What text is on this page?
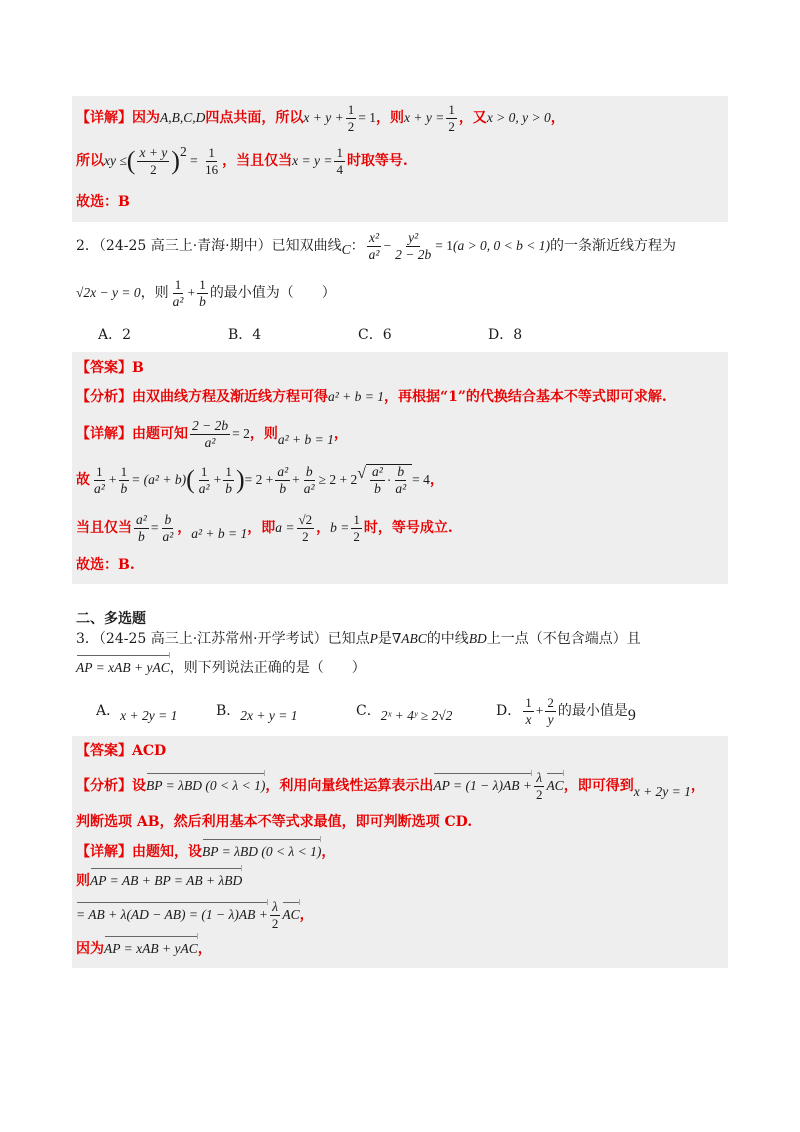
【详解】 因为 A,B,C,D 四点共面，所以 $x + y + \frac{1}{2} = 1$ ，则 $x + y = \frac{1}{2}$ ，又 x > 0, y > 0 ，
所以 xy ≤ ( $\frac{x + y}{2}$ ) 2
= $\frac{1}{16}$ ，当且仅当 $x = y = \frac{1}{4}$ 时取等号.
故选：B
2．（24-25 高三上·青海·期中）已知双曲线 C ： $\frac{\text{x²}}{\text{a²}} - \frac{\text{y²}}{2 - 2b} = 1$ (a > 0, 0 < b < 1) 的一条渐近线方程为
√2x − y = 0 ，则 $\frac{1}{\text{a²}} + \frac{1}{b}$ 的最小值为（　　）
A．2	B．4	C．6	D．8
【答案】B
【分析】 由双曲线方程及渐近线方程可得 a² + b = 1 ，再根据“1”的代换结合基本不等式即可求解.
【详解】 由题可知 $\frac{2 - 2b}{\text{a²}} = 2$ ，则 a² + b = 1 ，
故 $\frac{1}{\text{a²}} + \frac{1}{b} = (a^2 + b)$ ( $\frac{1}{\text{a²}} + \frac{1}{b}$ ) = $2 + \frac{\text{a²}}{b} + \frac{b}{\text{a²}} \ge 2 + 2$ √ $\frac{\text{a²}}{b} \cdot \frac{b}{\text{a²}} = 4$ ，
当且仅当 $\frac{\text{a²}}{b} = \frac{b}{\text{a²}}$ ， a² + b = 1 ，即 $a = \frac{√2}{2}$ ， $b = \frac{1}{2}$ 时，等号成立.
故选：B.
二、多选题
3．（24-25 高三上·江苏常州·开学考试）已知点 P 是 ∇ABC 的中线 BD 上一点（不包含端点）且
AP = xAB + yAC ，则下列说法正确的是（　　）
A． x + 2y = 1	B． 2x + y = 1	C． 2ˣ + 4ʸ ≥ 2√2	D． $\frac{1}{x} + \frac{2}{y}$ 的最小值是 9
【答案】ACD
【分析】 设 BP = λBD (0 < λ < 1) ，利用向量线性运算表示出 AP = $(1 - \lambda)AB + \frac{\lambda}{2}$ AC ，即可得到 x + 2y = 1 ，
判断选项 AB，然后利用基本不等式求最值，即可判断选项 CD.
【详解】 由题知，设 BP = λBD (0 < λ < 1) ，
则 AP = AB + BP = AB + λBD
= AB + $\lambda(AD - AB) = (1 - \lambda)AB + \frac{\lambda}{2}$ AC ，
因为 AP = xAB + yAC ，
